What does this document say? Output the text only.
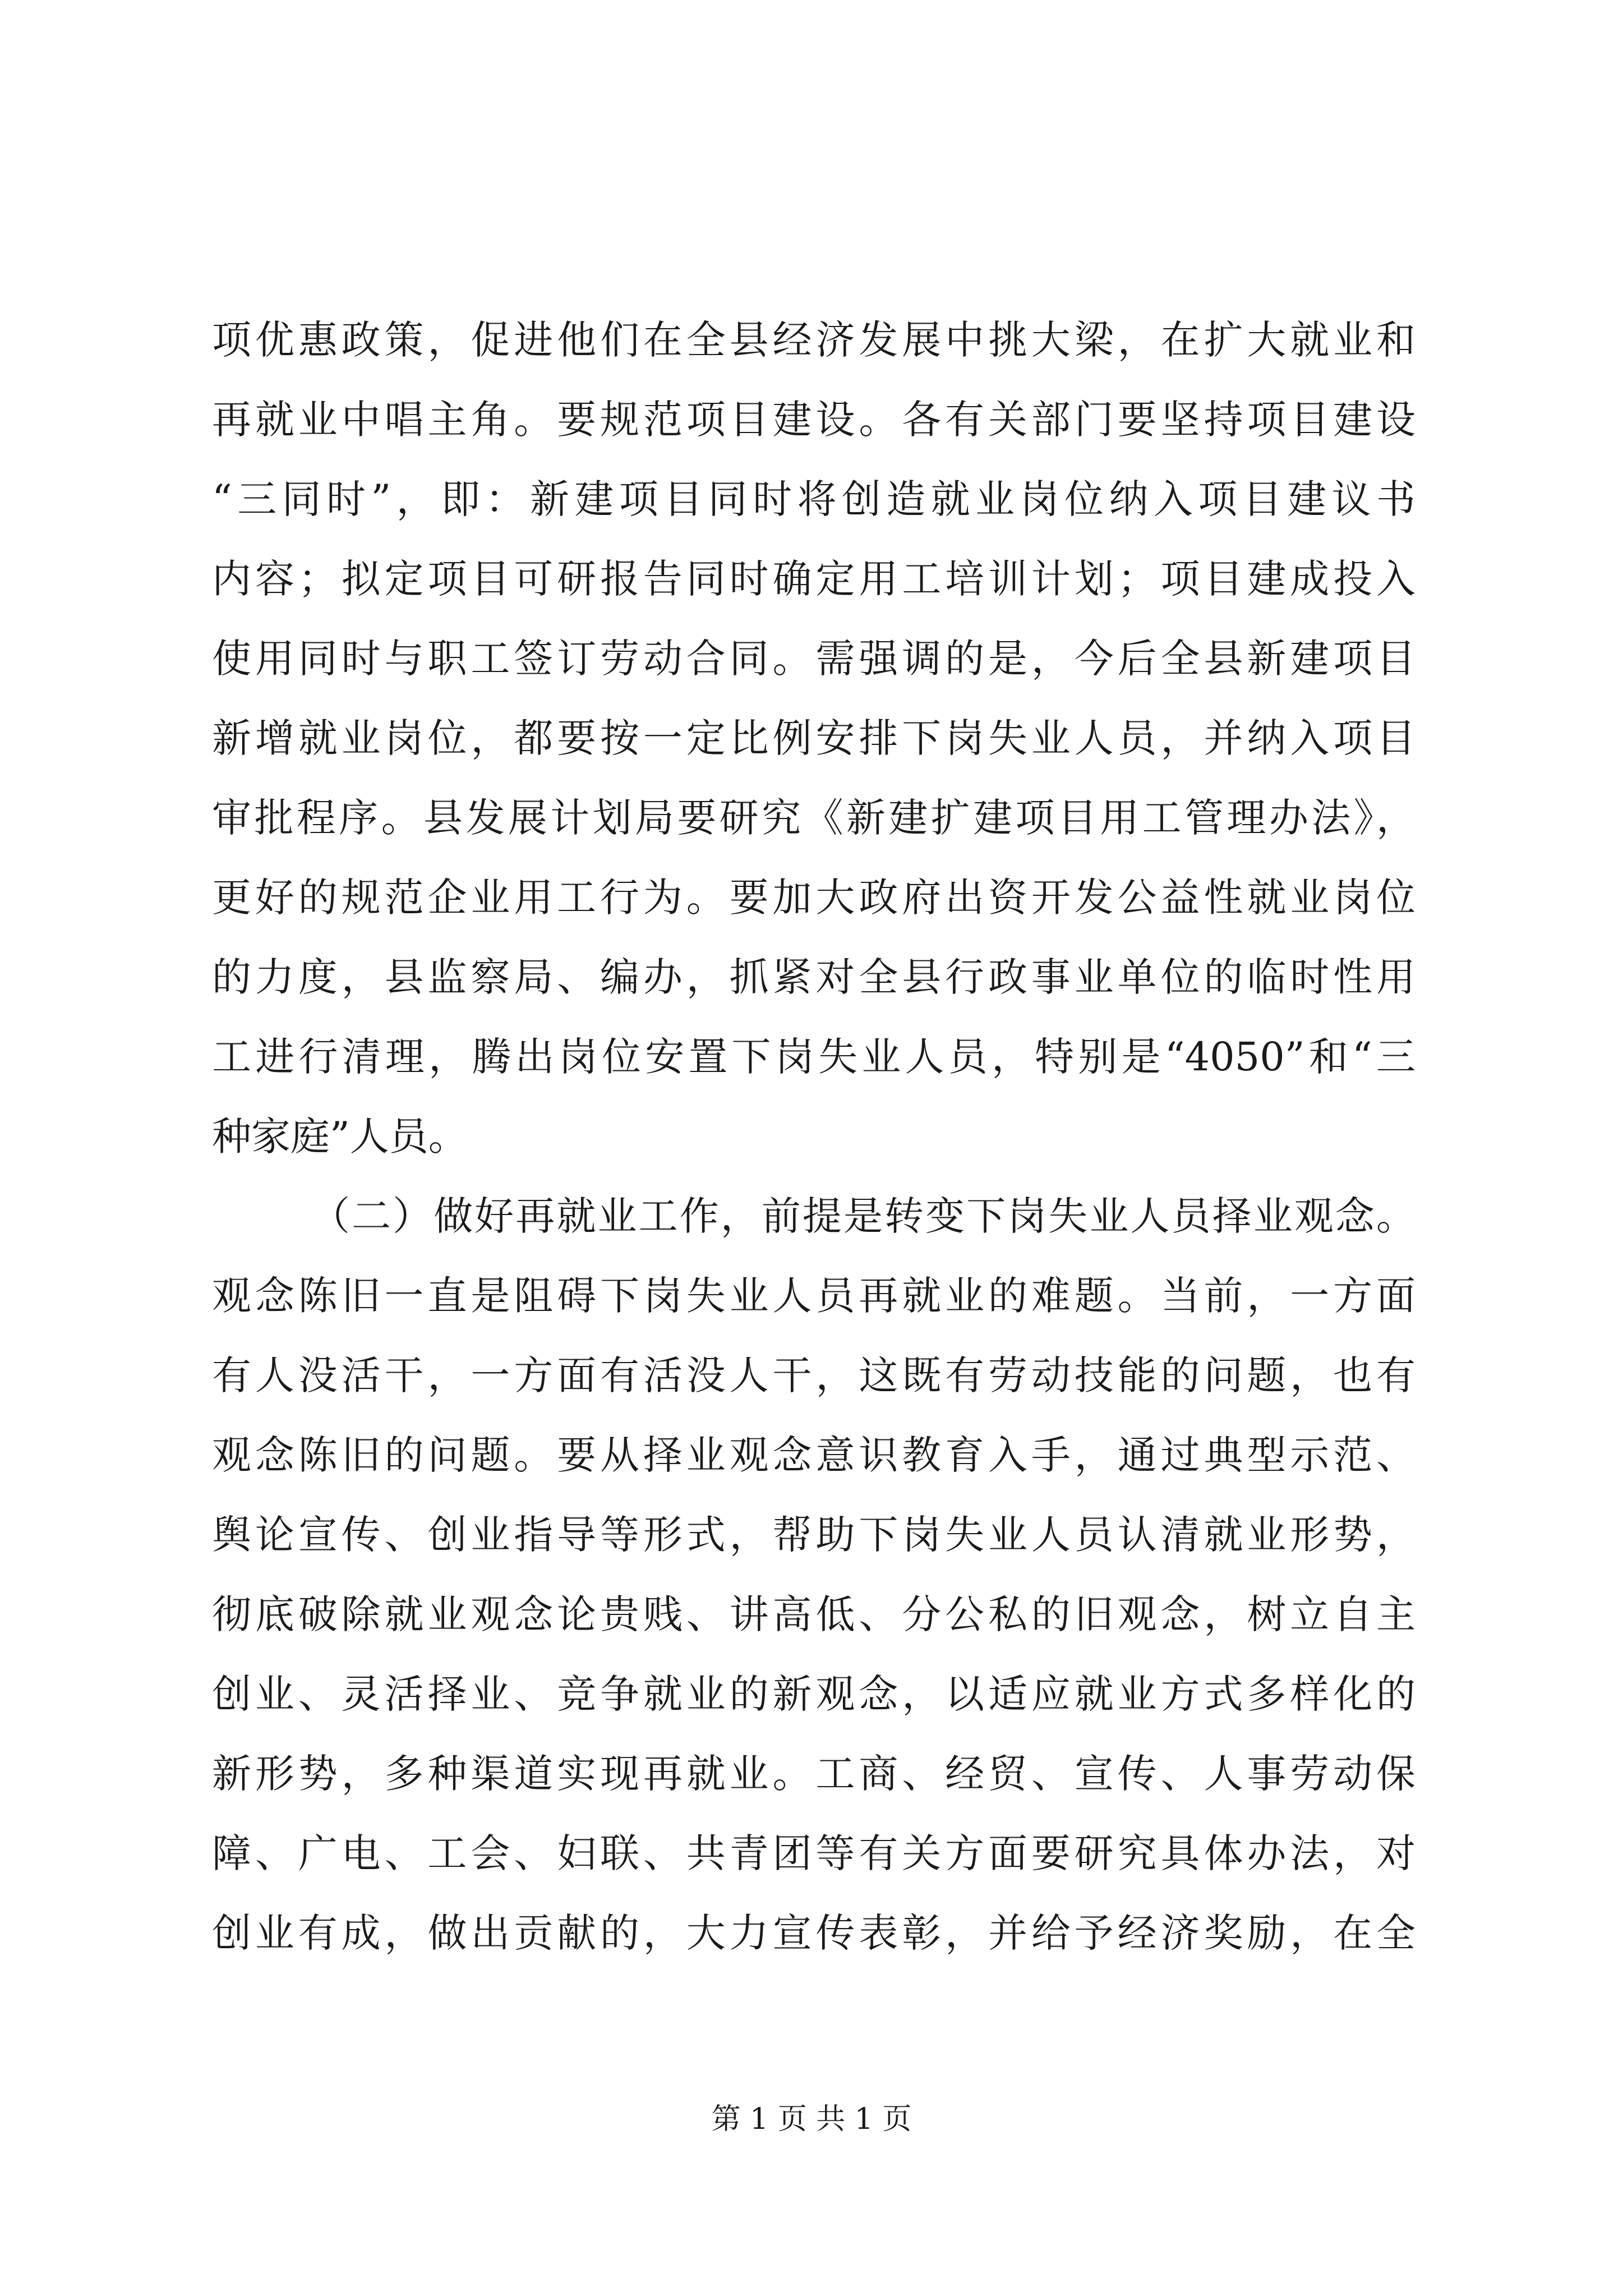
项优惠政策，促进他们在全县经济发展中挑大梁，在扩大就业和
再就业中唱主角。要规范项目建设。各有关部门要坚持项目建设
“三同时”，即：新建项目同时将创造就业岗位纳入项目建议书
内容；拟定项目可研报告同时确定用工培训计划；项目建成投入
使用同时与职工签订劳动合同。需强调的是，今后全县新建项目
新增就业岗位，都要按一定比例安排下岗失业人员，并纳入项目
审批程序。县发展计划局要研究《新建扩建项目用工管理办法》，
更好的规范企业用工行为。要加大政府出资开发公益性就业岗位
的力度，县监察局、编办，抓紧对全县行政事业单位的临时性用
工进行清理，腾出岗位安置下岗失业人员，特别是“4050”和“三
种家庭”人员。
（二）做好再就业工作，前提是转变下岗失业人员择业观念。
观念陈旧一直是阻碍下岗失业人员再就业的难题。当前，一方面
有人没活干，一方面有活没人干，这既有劳动技能的问题，也有
观念陈旧的问题。要从择业观念意识教育入手，通过典型示范、
舆论宣传、创业指导等形式，帮助下岗失业人员认清就业形势，
彻底破除就业观念论贵贱、讲高低、分公私的旧观念，树立自主
创业、灵活择业、竞争就业的新观念，以适应就业方式多样化的
新形势，多种渠道实现再就业。工商、经贸、宣传、人事劳动保
障、广电、工会、妇联、共青团等有关方面要研究具体办法，对
创业有成，做出贡献的，大力宣传表彰，并给予经济奖励，在全
第 1 页 共 1 页
